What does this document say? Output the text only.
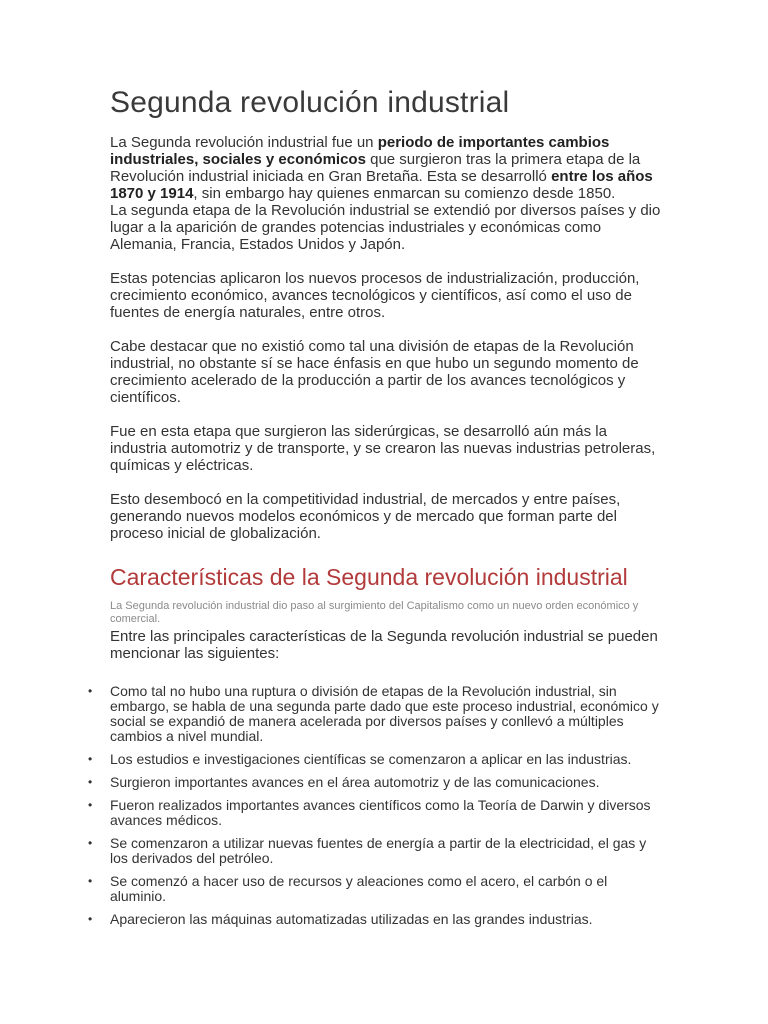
Segunda revolución industrial

La Segunda revolución industrial fue un periodo de importantes cambios industriales, sociales y económicos que surgieron tras la primera etapa de la Revolución industrial iniciada en Gran Bretaña. Esta se desarrolló entre los años 1870 y 1914, sin embargo hay quienes enmarcan su comienzo desde 1850.

La segunda etapa de la Revolución industrial se extendió por diversos países y dio lugar a la aparición de grandes potencias industriales y económicas como Alemania, Francia, Estados Unidos y Japón.

Estas potencias aplicaron los nuevos procesos de industrialización, producción, crecimiento económico, avances tecnológicos y científicos, así como el uso de fuentes de energía naturales, entre otros.

Cabe destacar que no existió como tal una división de etapas de la Revolución industrial, no obstante sí se hace énfasis en que hubo un segundo momento de crecimiento acelerado de la producción a partir de los avances tecnológicos y científicos.

Fue en esta etapa que surgieron las siderúrgicas, se desarrolló aún más la industria automotriz y de transporte, y se crearon las nuevas industrias petroleras, químicas y eléctricas.

Esto desembocó en la competitividad industrial, de mercados y entre países, generando nuevos modelos económicos y de mercado que forman parte del proceso inicial de globalización.

Características de la Segunda revolución industrial

La Segunda revolución industrial dio paso al surgimiento del Capitalismo como un nuevo orden económico y comercial.

Entre las principales características de la Segunda revolución industrial se pueden mencionar las siguientes:

• Como tal no hubo una ruptura o división de etapas de la Revolución industrial, sin embargo, se habla de una segunda parte dado que este proceso industrial, económico y social se expandió de manera acelerada por diversos países y conllevó a múltiples cambios a nivel mundial.
• Los estudios e investigaciones científicas se comenzaron a aplicar en las industrias.
• Surgieron importantes avances en el área automotriz y de las comunicaciones.
• Fueron realizados importantes avances científicos como la Teoría de Darwin y diversos avances médicos.
• Se comenzaron a utilizar nuevas fuentes de energía a partir de la electricidad, el gas y los derivados del petróleo.
• Se comenzó a hacer uso de recursos y aleaciones como el acero, el carbón o el aluminio.
• Aparecieron las máquinas automatizadas utilizadas en las grandes industrias.
